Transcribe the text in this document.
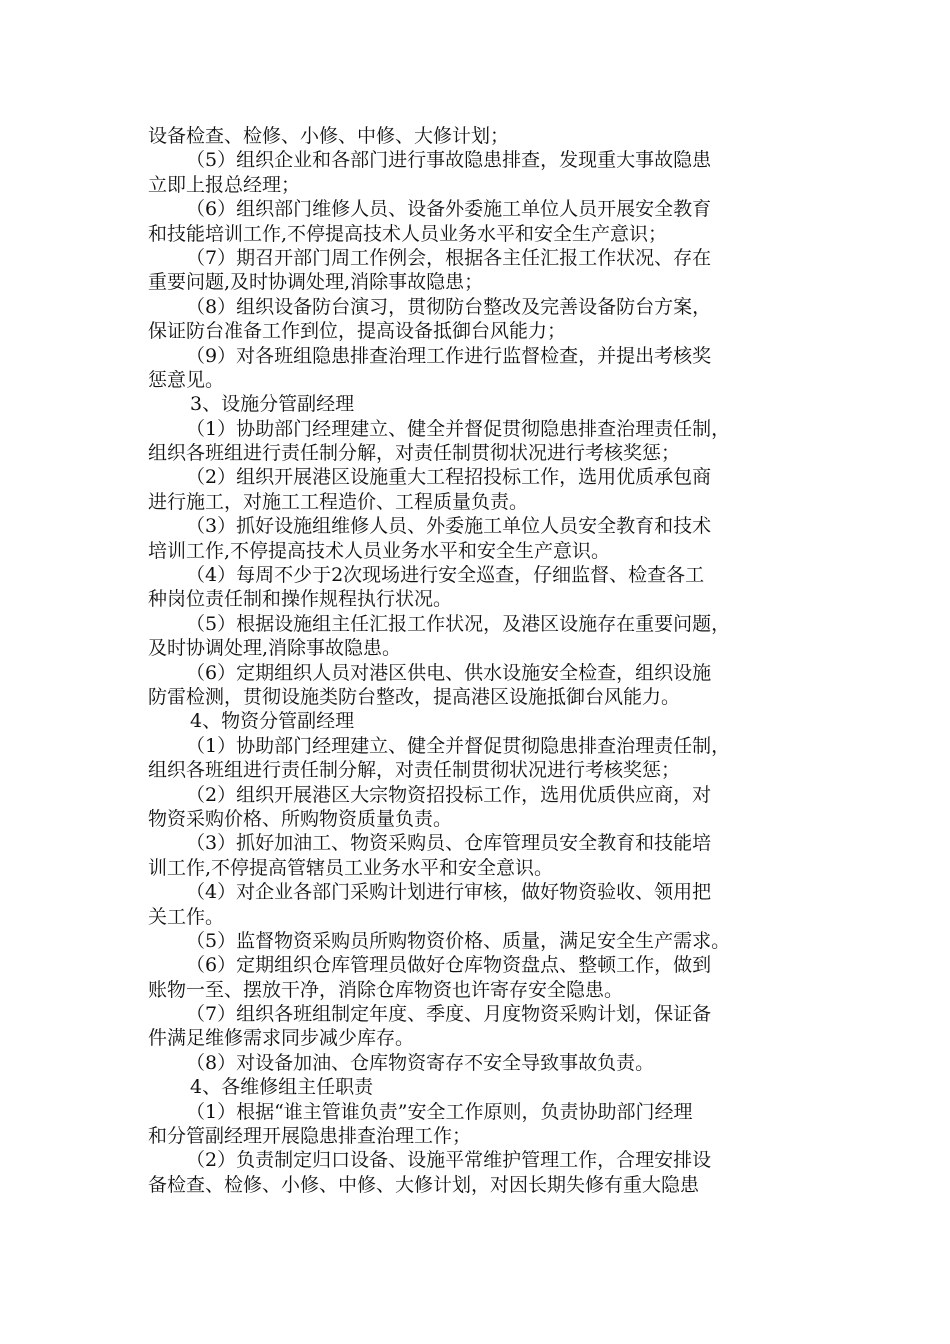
设备检查、检修、小修、中修、大修计划；
（5）组织企业和各部门进行事故隐患排查，发现重大事故隐患
立即上报总经理；
（6）组织部门维修人员、设备外委施工单位人员开展安全教育
和技能培训工作,不停提高技术人员业务水平和安全生产意识；
（7）期召开部门周工作例会，根据各主任汇报工作状况、存在
重要问题,及时协调处理,消除事故隐患；
（8）组织设备防台演习，贯彻防台整改及完善设备防台方案，
保证防台准备工作到位，提高设备抵御台风能力；
（9）对各班组隐患排查治理工作进行监督检查，并提出考核奖
惩意见。
3、设施分管副经理
（1）协助部门经理建立、健全并督促贯彻隐患排查治理责任制，
组织各班组进行责任制分解，对责任制贯彻状况进行考核奖惩；
（2）组织开展港区设施重大工程招投标工作，选用优质承包商
进行施工，对施工工程造价、工程质量负责。
（3）抓好设施组维修人员、外委施工单位人员安全教育和技术
培训工作,不停提高技术人员业务水平和安全生产意识。
（4）每周不少于2次现场进行安全巡查，仔细监督、检查各工
种岗位责任制和操作规程执行状况。
（5）根据设施组主任汇报工作状况，及港区设施存在重要问题，
及时协调处理,消除事故隐患。
（6）定期组织人员对港区供电、供水设施安全检查，组织设施
防雷检测，贯彻设施类防台整改，提高港区设施抵御台风能力。
4、物资分管副经理
（1）协助部门经理建立、健全并督促贯彻隐患排查治理责任制，
组织各班组进行责任制分解，对责任制贯彻状况进行考核奖惩；
（2）组织开展港区大宗物资招投标工作，选用优质供应商，对
物资采购价格、所购物资质量负责。
（3）抓好加油工、物资采购员、仓库管理员安全教育和技能培
训工作,不停提高管辖员工业务水平和安全意识。
（4）对企业各部门采购计划进行审核，做好物资验收、领用把
关工作。
（5）监督物资采购员所购物资价格、质量，满足安全生产需求。
（6）定期组织仓库管理员做好仓库物资盘点、整顿工作，做到
账物一至、摆放干净，消除仓库物资也许寄存安全隐患。
（7）组织各班组制定年度、季度、月度物资采购计划，保证备
件满足维修需求同步减少库存。
（8）对设备加油、仓库物资寄存不安全导致事故负责。
4、各维修组主任职责
（1）根据“谁主管谁负责”安全工作原则，负责协助部门经理
和分管副经理开展隐患排查治理工作；
（2）负责制定归口设备、设施平常维护管理工作，合理安排设
备检查、检修、小修、中修、大修计划，对因长期失修有重大隐患
